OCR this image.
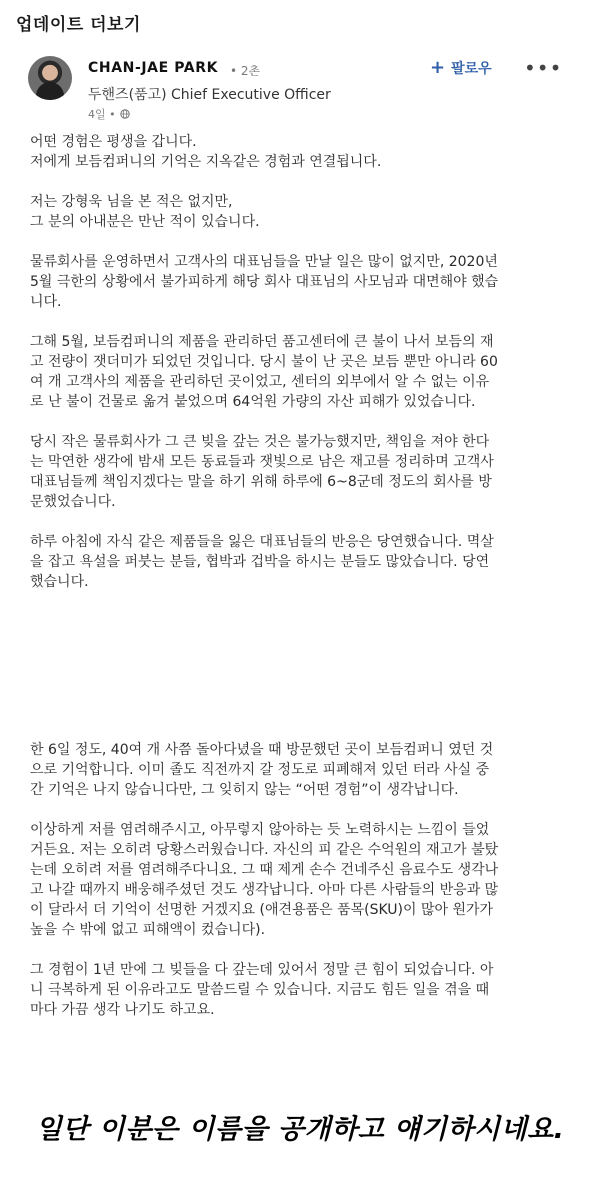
업데이트 더보기
CHAN-JAE PARK • 2촌	+ 팔로우 •••
두핸즈(품고) Chief Executive Officer
4일 •

어떤 경험은 평생을 갑니다.
저에게 보듬컴퍼니의 기억은 지옥같은 경험과 연결됩니다.

저는 강형욱 님을 본 적은 없지만,
그 분의 아내분은 만난 적이 있습니다.

물류회사를 운영하면서 고객사의 대표님들을 만날 일은 많이 없지만, 2020년
5월 극한의 상황에서 불가피하게 해당 회사 대표님의 사모님과 대면해야 했습
니다.

그해 5월, 보듬컴퍼니의 제품을 관리하던 품고센터에 큰 불이 나서 보듬의 재
고 전량이 잿더미가 되었던 것입니다. 당시 불이 난 곳은 보듬 뿐만 아니라 60
여 개 고객사의 제품을 관리하던 곳이었고, 센터의 외부에서 알 수 없는 이유
로 난 불이 건물로 옮겨 붙었으며 64억원 가량의 자산 피해가 있었습니다.

당시 작은 물류회사가 그 큰 빚을 갚는 것은 불가능했지만, 책임을 져야 한다
는 막연한 생각에 밤새 모든 동료들과 잿빛으로 남은 재고를 정리하며 고객사
대표님들께 책임지겠다는 말을 하기 위해 하루에 6~8군데 정도의 회사를 방
문했었습니다.

하루 아침에 자식 같은 제품들을 잃은 대표님들의 반응은 당연했습니다. 멱살
을 잡고 욕설을 퍼붓는 분들, 협박과 겁박을 하시는 분들도 많았습니다. 당연
했습니다.

한 6일 정도, 40여 개 사쯤 돌아다녔을 때 방문했던 곳이 보듬컴퍼니 였던 것
으로 기억합니다. 이미 졸도 직전까지 갈 정도로 피폐해져 있던 터라 사실 중
간 기억은 나지 않습니다만, 그 잊히지 않는 “어떤 경험”이 생각납니다.

이상하게 저를 염려해주시고, 아무렇지 않아하는 듯 노력하시는 느낌이 들었
거든요. 저는 오히려 당황스러웠습니다. 자신의 피 같은 수억원의 재고가 불탔
는데 오히려 저를 염려해주다니요. 그 때 제게 손수 건네주신 음료수도 생각나
고 나갈 때까지 배웅해주셨던 것도 생각납니다. 아마 다른 사람들의 반응과 많
이 달라서 더 기억이 선명한 거겠지요 (애견용품은 품목(SKU)이 많아 원가가
높을 수 밖에 없고 피해액이 컸습니다).

그 경험이 1년 만에 그 빚들을 다 갚는데 있어서 정말 큰 힘이 되었습니다. 아
니 극복하게 된 이유라고도 말씀드릴 수 있습니다. 지금도 힘든 일을 겪을 때
마다 가끔 생각 나기도 하고요.

일단 이분은 이름을 공개하고 얘기하시네요.
